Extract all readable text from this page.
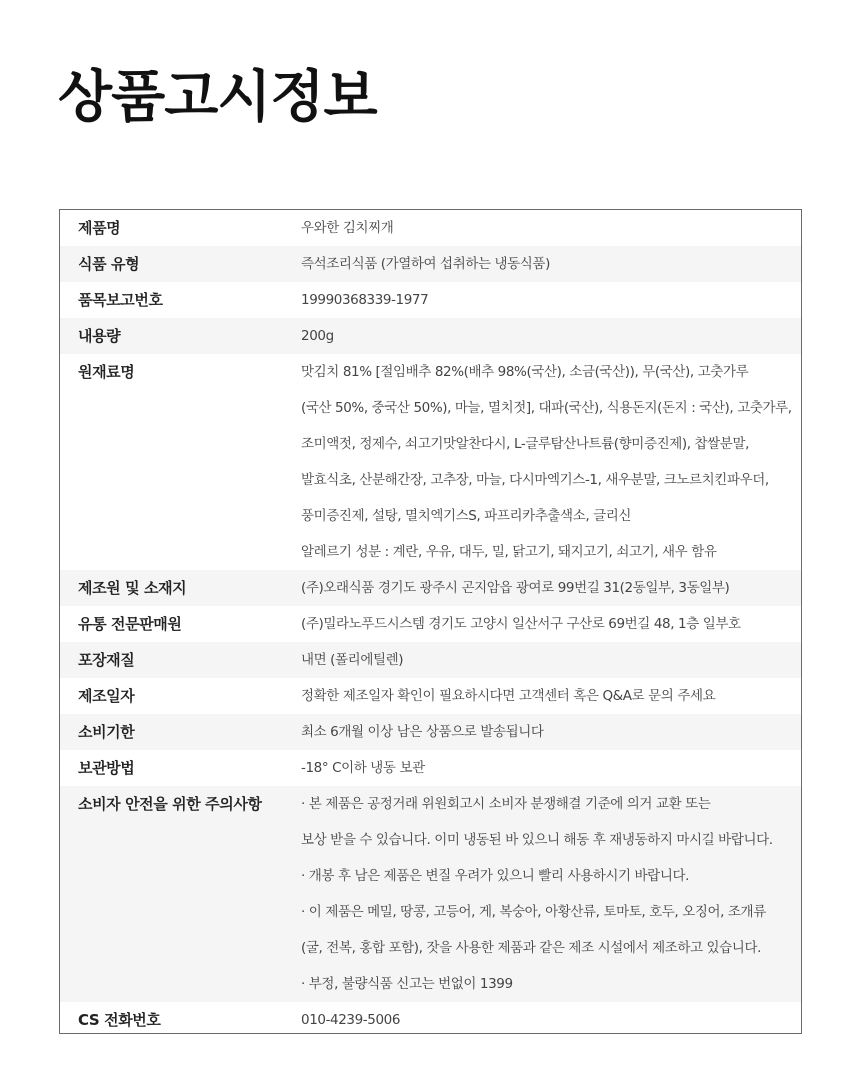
상품고시정보
제품명	우와한 김치찌개
식품 유형	즉석조리식품 (가열하여 섭취하는 냉동식품)
품목보고번호	19990368339-1977
내용량	200g
원재료명	맛김치 81% [절임배추 82%(배추 98%(국산), 소금(국산)), 무(국산), 고춧가루
(국산 50%, 중국산 50%), 마늘, 멸치젓], 대파(국산), 식용돈지(돈지 : 국산), 고춧가루,
조미액젓, 정제수, 쇠고기맛알찬다시, L-글루탐산나트륨(향미증진제), 찹쌀분말,
발효식초, 산분해간장, 고추장, 마늘, 다시마엑기스-1, 새우분말, 크노르치킨파우더,
풍미증진제, 설탕, 멸치엑기스S, 파프리카추출색소, 글리신
알레르기 성분 : 계란, 우유, 대두, 밀, 닭고기, 돼지고기, 쇠고기, 새우 함유
제조원 및 소재지	(주)오래식품 경기도 광주시 곤지암읍 광여로 99번길 31(2동일부, 3동일부)
유통 전문판매원	(주)밀라노푸드시스템 경기도 고양시 일산서구 구산로 69번길 48, 1층 일부호
포장재질	내면 (폴리에틸렌)
제조일자	정확한 제조일자 확인이 필요하시다면 고객센터 혹은 Q&A로 문의 주세요
소비기한	최소 6개월 이상 남은 상품으로 발송됩니다
보관방법	-18° C이하 냉동 보관
소비자 안전을 위한 주의사항	· 본 제품은 공정거래 위원회고시 소비자 분쟁해결 기준에 의거 교환 또는
보상 받을 수 있습니다. 이미 냉동된 바 있으니 해동 후 재냉동하지 마시길 바랍니다.
· 개봉 후 남은 제품은 변질 우려가 있으니 빨리 사용하시기 바랍니다.
· 이 제품은 메밀, 땅콩, 고등어, 게, 복숭아, 아황산류, 토마토, 호두, 오징어, 조개류
(굴, 전복, 홍합 포함), 잣을 사용한 제품과 같은 제조 시설에서 제조하고 있습니다.
· 부정, 불량식품 신고는 번없이 1399
CS 전화번호	010-4239-5006
